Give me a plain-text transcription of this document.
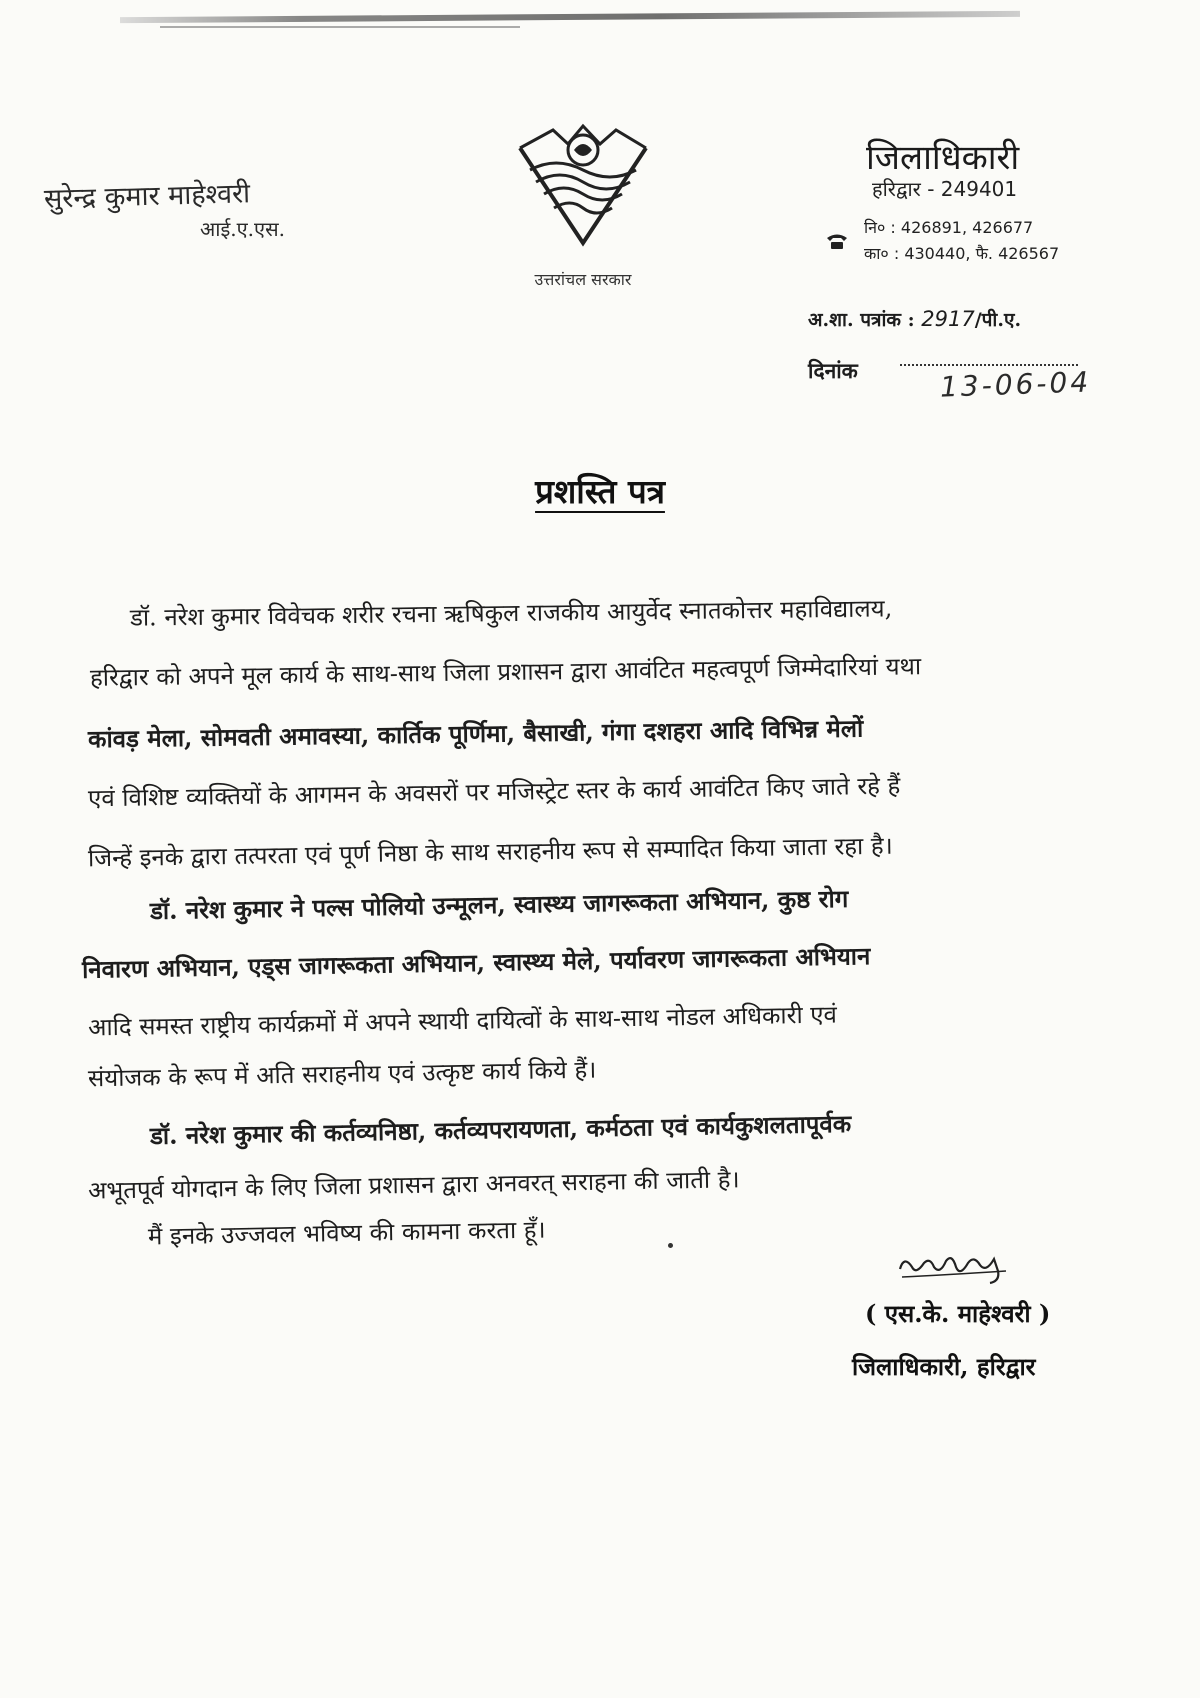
सुरेन्द्र कुमार माहेश्वरी
आई.ए.एस.
उत्तरांचल सरकार
जिलाधिकारी
हरिद्वार - 249401
नि० : 426891, 426677
का० : 430440, फै. 426567
अ.शा. पत्रांक : 2917/पी.ए.
दिनांक	13-06-04
प्रशस्ति पत्र
डॉ. नरेश कुमार विवेचक शरीर रचना ऋषिकुल राजकीय आयुर्वेद स्नातकोत्तर महाविद्यालय,
हरिद्वार को अपने मूल कार्य के साथ-साथ जिला प्रशासन द्वारा आवंटित महत्वपूर्ण जिम्मेदारियां यथा
कांवड़ मेला, सोमवती अमावस्या, कार्तिक पूर्णिमा, बैसाखी, गंगा दशहरा आदि विभिन्न मेलों
एवं विशिष्ट व्यक्तियों के आगमन के अवसरों पर मजिस्ट्रेट स्तर के कार्य आवंटित किए जाते रहे हैं
जिन्हें इनके द्वारा तत्परता एवं पूर्ण निष्ठा के साथ सराहनीय रूप से सम्पादित किया जाता रहा है।
डॉ. नरेश कुमार ने पल्स पोलियो उन्मूलन, स्वास्थ्य जागरूकता अभियान, कुष्ठ रोग
निवारण अभियान, एड्स जागरूकता अभियान, स्वास्थ्य मेले, पर्यावरण जागरूकता अभियान
आदि समस्त राष्ट्रीय कार्यक्रमों में अपने स्थायी दायित्वों के साथ-साथ नोडल अधिकारी एवं
संयोजक के रूप में अति सराहनीय एवं उत्कृष्ट कार्य किये हैं।
डॉ. नरेश कुमार की कर्तव्यनिष्ठा, कर्तव्यपरायणता, कर्मठता एवं कार्यकुशलतापूर्वक
अभूतपूर्व योगदान के लिए जिला प्रशासन द्वारा अनवरत् सराहना की जाती है।
मैं इनके उज्जवल भविष्य की कामना करता हूँ।
( एस.के. माहेश्वरी )
जिलाधिकारी, हरिद्वार
